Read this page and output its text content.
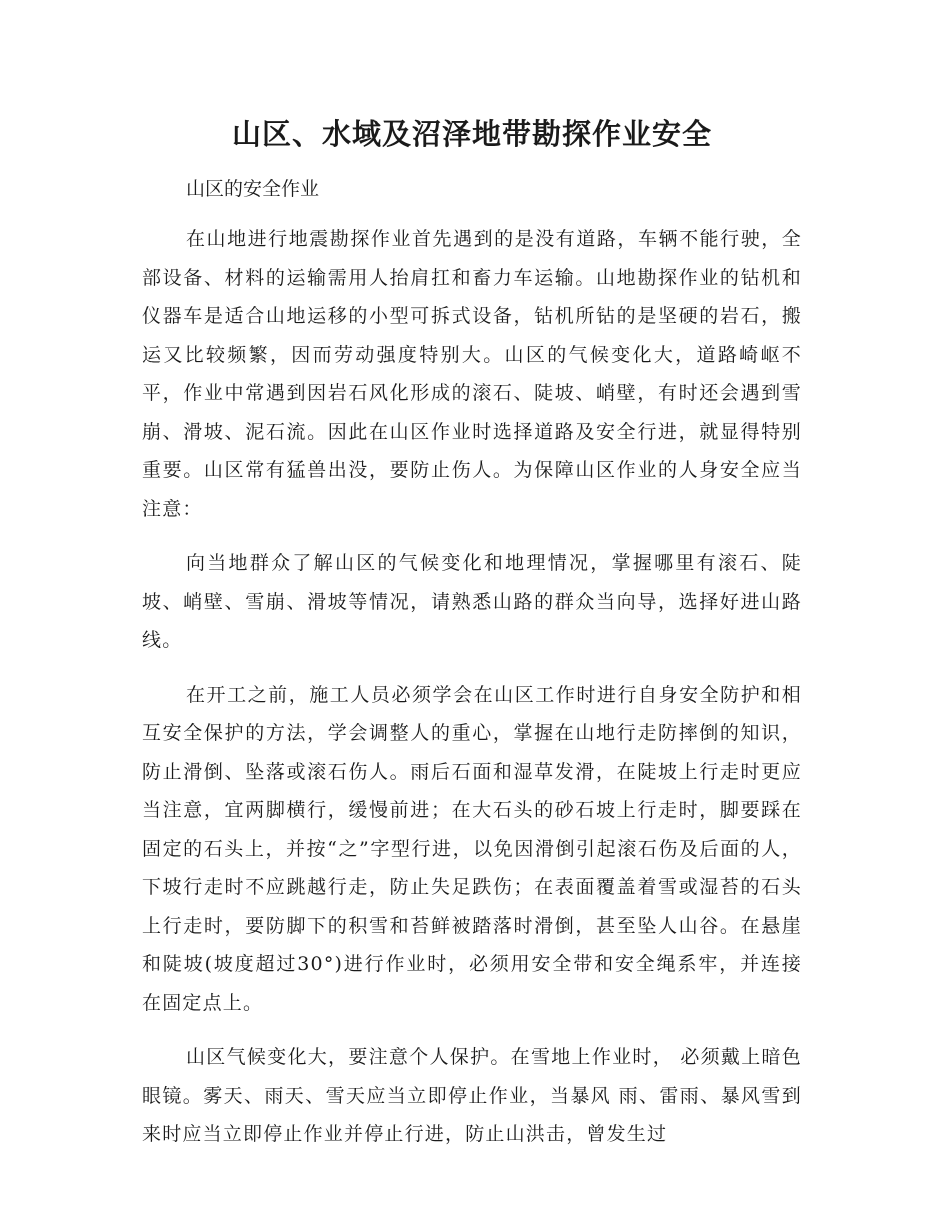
山区、水域及沼泽地带勘探作业安全

山区的安全作业

在山地进行地震勘探作业首先遇到的是没有道路，车辆不能行驶，全部设备、材料的运输需用人抬肩扛和畜力车运输。山地勘探作业的钻机和仪器车是适合山地运移的小型可拆式设备，钻机所钻的是坚硬的岩石，搬运又比较频繁，因而劳动强度特别大。山区的气候变化大，道路崎岖不平，作业中常遇到因岩石风化形成的滚石、陡坡、峭壁，有时还会遇到雪崩、滑坡、泥石流。因此在山区作业时选择道路及安全行进，就显得特别重要。山区常有猛兽出没，要防止伤人。为保障山区作业的人身安全应当注意：

向当地群众了解山区的气候变化和地理情况，掌握哪里有滚石、陡坡、峭壁、雪崩、滑坡等情况，请熟悉山路的群众当向导，选择好进山路线。

在开工之前，施工人员必须学会在山区工作时进行自身安全防护和相互安全保护的方法，学会调整人的重心，掌握在山地行走防摔倒的知识，防止滑倒、坠落或滚石伤人。雨后石面和湿草发滑，在陡坡上行走时更应当注意，宜两脚横行，缓慢前进；在大石头的砂石坡上行走时，脚要踩在固定的石头上，并按“之”字型行进，以免因滑倒引起滚石伤及后面的人，下坡行走时不应跳越行走，防止失足跌伤；在表面覆盖着雪或湿苔的石头上行走时，要防脚下的积雪和苔鲜被踏落时滑倒，甚至坠人山谷。在悬崖和陡坡(坡度超过30°)进行作业时，必须用安全带和安全绳系牢，并连接在固定点上。

山区气候变化大，要注意个人保护。在雪地上作业时， 必须戴上暗色眼镜。雾天、雨天、雪天应当立即停止作业，当暴风 雨、雷雨、暴风雪到来时应当立即停止作业并停止行进，防止山洪击，曾发生过
